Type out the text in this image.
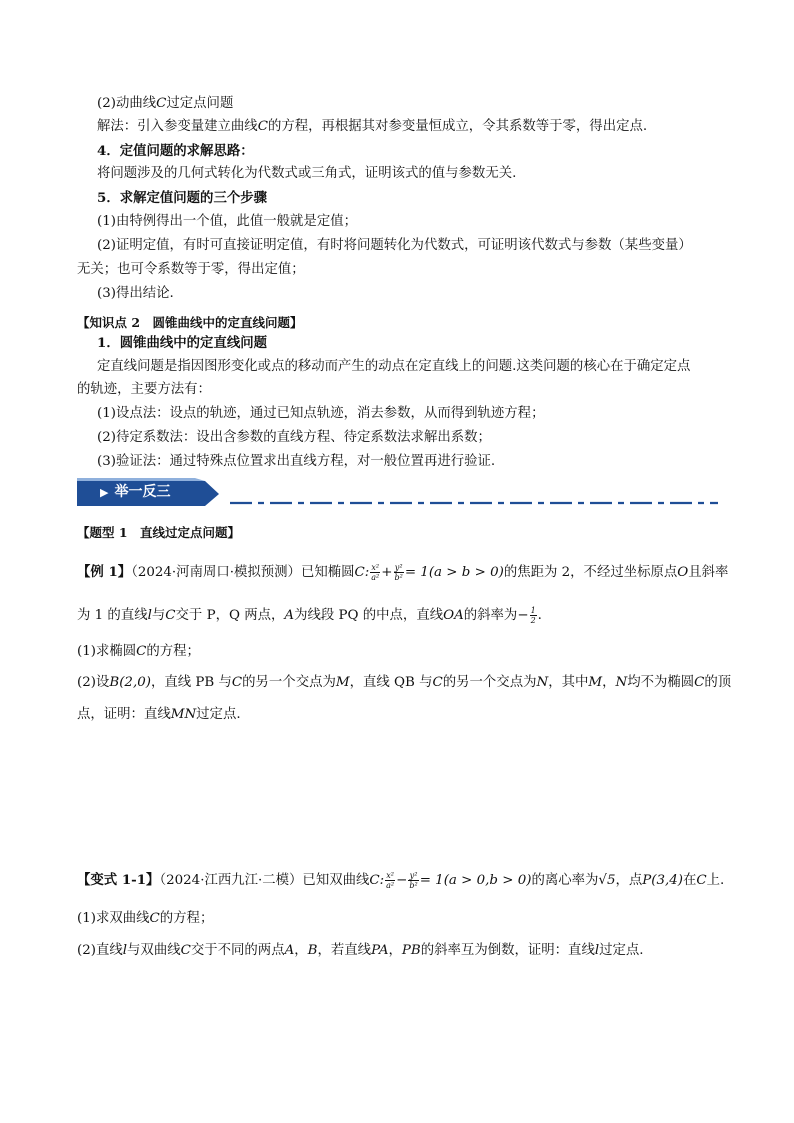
(2)动曲线C过定点问题
解法：引入参变量建立曲线C的方程，再根据其对参变量恒成立，令其系数等于零，得出定点.
4．定值问题的求解思路：
将问题涉及的几何式转化为代数式或三角式，证明该式的值与参数无关.
5．求解定值问题的三个步骤
(1)由特例得出一个值，此值一般就是定值；
(2)证明定值，有时可直接证明定值，有时将问题转化为代数式，可证明该代数式与参数（某些变量）
无关；也可令系数等于零，得出定值；
(3)得出结论.
【知识点 2　圆锥曲线中的定直线问题】
1．圆锥曲线中的定直线问题
定直线问题是指因图形变化或点的移动而产生的动点在定直线上的问题.这类问题的核心在于确定定点
的轨迹，主要方法有：
(1)设点法：设点的轨迹，通过已知点轨迹，消去参数，从而得到轨迹方程；
(2)待定系数法：设出含参数的直线方程、待定系数法求解出系数；
(3)验证法：通过特殊点位置求出直线方程，对一般位置再进行验证.
▶ 举一反三
【题型 1　直线过定点问题】
【例 1】（2024·河南周口·模拟预测）已知椭圆C: $\frac{\text{x²}}{\text{a²}} + \frac{\text{y²}}{\text{b²}} = 1(a > b > 0)$的焦距为 2，不经过坐标原点O且斜率
为 1 的直线l与C交于 P，Q 两点，A为线段 PQ 的中点，直线OA的斜率为− $\frac{1}{2}$ .
(1)求椭圆C的方程；
(2)设B(2,0)，直线 PB 与C的另一个交点为M，直线 QB 与C的另一个交点为N，其中M，N均不为椭圆C的顶
点，证明：直线MN过定点.
【变式 1-1】（2024·江西九江·二模）已知双曲线C: $\frac{\text{x²}}{\text{a²}} - \frac{\text{y²}}{\text{b²}} = 1(a > 0,b > 0)$的离心率为√5，点P(3,4)在C上.
(1)求双曲线C的方程；
(2)直线l与双曲线C交于不同的两点A，B，若直线PA，PB的斜率互为倒数，证明：直线l过定点.
